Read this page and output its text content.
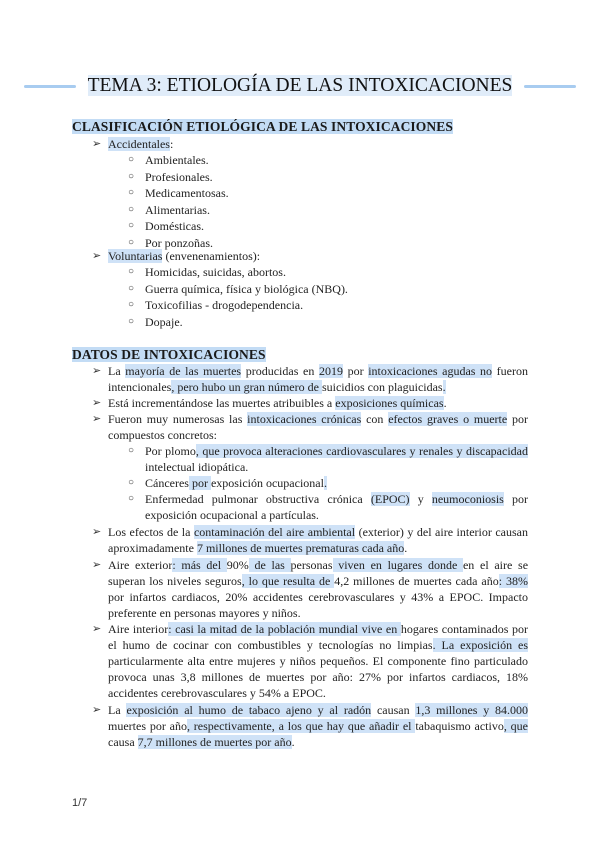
TEMA 3: ETIOLOGÍA DE LAS INTOXICACIONES
CLASIFICACIÓN ETIOLÓGICA DE LAS INTOXICACIONES
➢ Accidentales:
○ Ambientales.
○ Profesionales.
○ Medicamentosas.
○ Alimentarias.
○ Domésticas.
○ Por ponzoñas.
➢ Voluntarias (envenenamientos):
○ Homicidas, suicidas, abortos.
○ Guerra química, física y biológica (NBQ).
○ Toxicofilias - drogodependencia.
○ Dopaje.
DATOS DE INTOXICACIONES
➢ La mayoría de las muertes producidas en 2019 por intoxicaciones agudas no fueron
intencionales, pero hubo un gran número de suicidios con plaguicidas.
➢ Está incrementándose las muertes atribuibles a exposiciones químicas.
➢ Fueron muy numerosas las intoxicaciones crónicas con efectos graves o muerte por
compuestos concretos:
○ Por plomo, que provoca alteraciones cardiovasculares y renales y discapacidad
intelectual idiopática.
○ Cánceres por exposición ocupacional.
○ Enfermedad pulmonar obstructiva crónica (EPOC) y neumoconiosis por
exposición ocupacional a partículas.
➢ Los efectos de la contaminación del aire ambiental (exterior) y del aire interior causan
aproximadamente 7 millones de muertes prematuras cada año.
➢ Aire exterior: más del 90% de las personas viven en lugares donde en el aire se
superan los niveles seguros, lo que resulta de 4,2 millones de muertes cada año: 38%
por infartos cardiacos, 20% accidentes cerebrovasculares y 43% a EPOC. Impacto
preferente en personas mayores y niños.
➢ Aire interior: casi la mitad de la población mundial vive en hogares contaminados por
el humo de cocinar con combustibles y tecnologías no limpias. La exposición es
particularmente alta entre mujeres y niños pequeños. El componente fino particulado
provoca unas 3,8 millones de muertes por año: 27% por infartos cardiacos, 18%
accidentes cerebrovasculares y 54% a EPOC.
➢ La exposición al humo de tabaco ajeno y al radón causan 1,3 millones y 84.000
muertes por año, respectivamente, a los que hay que añadir el tabaquismo activo, que
causa 7,7 millones de muertes por año.
1/7
